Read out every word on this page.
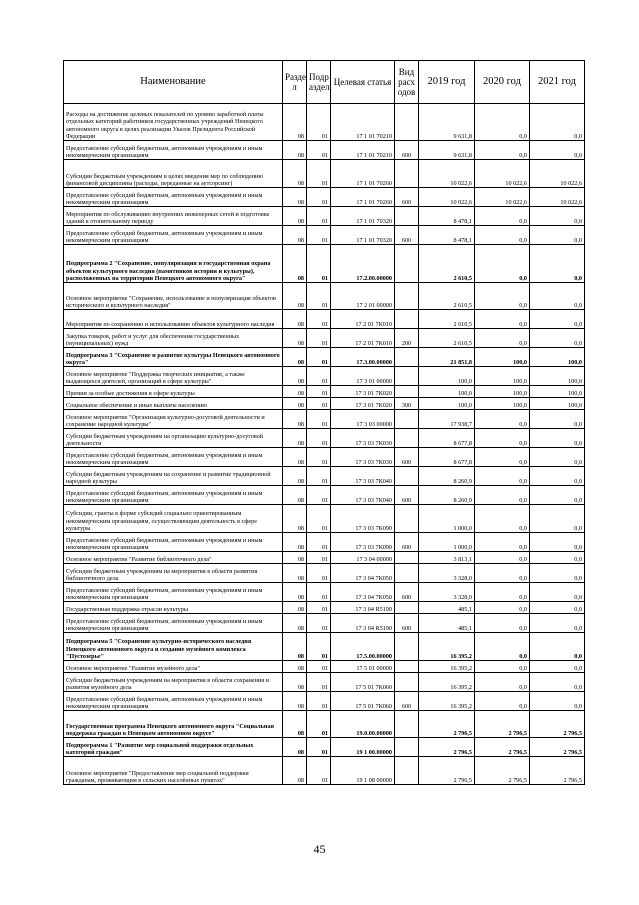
Наименование	Разде л	Подр аздел	Целевая статья	Вид расх одов	2019 год	2020 год	2021 год
Расходы на достижение целевых показателей по уровню заработной платы отдельных категорий работников государственных учреждений Ненецкого автономного округа в целях реализации Указов Президента Российской Федерации	08	01	17 1 01 70210		9 631,8	0,0	0,0
Предоставление субсидий бюджетным, автономным учреждениям и иным некоммерческим организациям	08	01	17 1 01 70210	600	9 631,8	0,0	0,0
Субсидии бюджетным учреждениям в целях введения мер по соблюдению финансовой дисциплины (расходы, переданные на аутсорсинг)	08	01	17 1 01 70260		10 022,6	10 022,6	10 022,6
Предоставление субсидий бюджетным, автономным учреждениям и иным некоммерческим организациям	08	01	17 1 01 70260	600	10 022,6	10 022,6	10 022,6
Мероприятия по обслуживанию внутренних инженерных сетей и подготовке зданий к отопительному периоду	08	01	17 1 01 70320		8 478,1	0,0	0,0
Предоставление субсидий бюджетным, автономным учреждениям и иным некоммерческим организациям	08	01	17 1 01 70320	600	8 478,1	0,0	0,0
Подпрограмма 2 "Сохранение, популяризация и государственная охрана объектов культурного наследия (памятников истории и культуры), расположенных на территории Ненецкого автономного округа"	08	01	17.2.00.00000		2 610,5	0,0	0,0
Основное мероприятие "Сохранение, использование и популяризация объектов исторического и культурного наследия"	08	01	17 2 01 00000		2 610,5	0,0	0,0
Мероприятия по сохранению и использованию объектов культурного наследия	08	01	17 2 01 7К010		2 610,5	0,0	0,0
Закупка товаров, работ и услуг для обеспечения государственных (муниципальных) нужд	08	01	17 2 01 7К010	200	2 610,5	0,0	0,0
Подпрограмма 3 "Сохранение и развитие культуры Ненецкого автономного округа"	08	01	17.3.00.00000		21 851,8	100,0	100,0
Основное мероприятие "Поддержка творческих инициатив, а также выдающихся деятелей, организаций в сфере культуры"	08	01	17 3 01 00000		100,0	100,0	100,0
Премии за особые достижения в сфере культуры	08	01	17 3 01 7К020		100,0	100,0	100,0
Социальное обеспечение и иные выплаты населению	08	01	17 3 01 7К020	300	100,0	100,0	100,0
Основное мероприятие "Организация культурно-досуговой деятельности и сохранение народной культуры"	08	01	17 3 03 00000		17 938,7	0,0	0,0
Субсидии бюджетным учреждениям на организацию культурно-досуговой деятельности	08	01	17 3 03 7К030		8 677,8	0,0	0,0
Предоставление субсидий бюджетным, автономным учреждениям и иным некоммерческим организациям	08	01	17 3 03 7К030	600	8 677,8	0,0	0,0
Субсидии бюджетным учреждениям на сохранение и развитие традиционной народной культуры	08	01	17 3 03 7К040		8 260,9	0,0	0,0
Предоставление субсидий бюджетным, автономным учреждениям и иным некоммерческим организациям	08	01	17 3 03 7К040	600	8 260,9	0,0	0,0
Субсидии, гранты в форме субсидий социально ориентированным некоммерческим организациям, осуществляющим деятельность в сфере культуры	08	01	17 3 03 7К090		1 000,0	0,0	0,0
Предоставление субсидий бюджетным, автономным учреждениям и иным некоммерческим организациям	08	01	17 3 03 7К090	600	1 000,0	0,0	0,0
Основное мероприятие "Развитие библиотечного дела"	08	01	17 3 04 00000		3 813,1	0,0	0,0
Субсидии бюджетным учреждениям на мероприятия в области развития библиотечного дела	08	01	17 3 04 7К050		3 328,0	0,0	0,0
Предоставление субсидий бюджетным, автономным учреждениям и иным некоммерческим организациям	08	01	17 3 04 7К050	600	3 328,0	0,0	0,0
Государственная поддержка отрасли культуры	08	01	17 3 04 R5190		485,1	0,0	0,0
Предоставление субсидий бюджетным, автономным учреждениям и иным некоммерческим организациям	08	01	17 3 04 R5190	600	485,1	0,0	0,0
Подпрограмма 5 "Сохранение культурно-исторического наследия Ненецкого автономного округа и создание музейного комплекса "Пустозерье"	08	01	17.5.00.00000		16 395,2	0,0	0,0
Основное мероприятие "Развитие музейного дела"	08	01	17 5 01 00000		16 395,2	0,0	0,0
Субсидии бюджетным учреждениям на мероприятия в области сохранения и развития музейного дела	08	01	17 5 01 7К060		16 395,2	0,0	0,0
Предоставление субсидий бюджетным, автономным учреждениям и иным некоммерческим организациям	08	01	17 5 01 7К060	600	16 395,2	0,0	0,0
Государственная программа Ненецкого автономного округа "Социальная поддержка граждан в Ненецком автономном округе"	08	01	19.0.00.00000		2 796,5	2 796,5	2 796,5
Подпрограмма 1 "Развитие мер социальной поддержки отдельных категорий граждан"	08	01	19 1 00.00000		2 796,5	2 796,5	2 796,5
Основное мероприятие "Предоставление мер социальной поддержки гражданам, проживающим в сельских населённых пунктах"	08	01	19 1 08 00000		2 796,5	2 796,5	2 796,5
45
